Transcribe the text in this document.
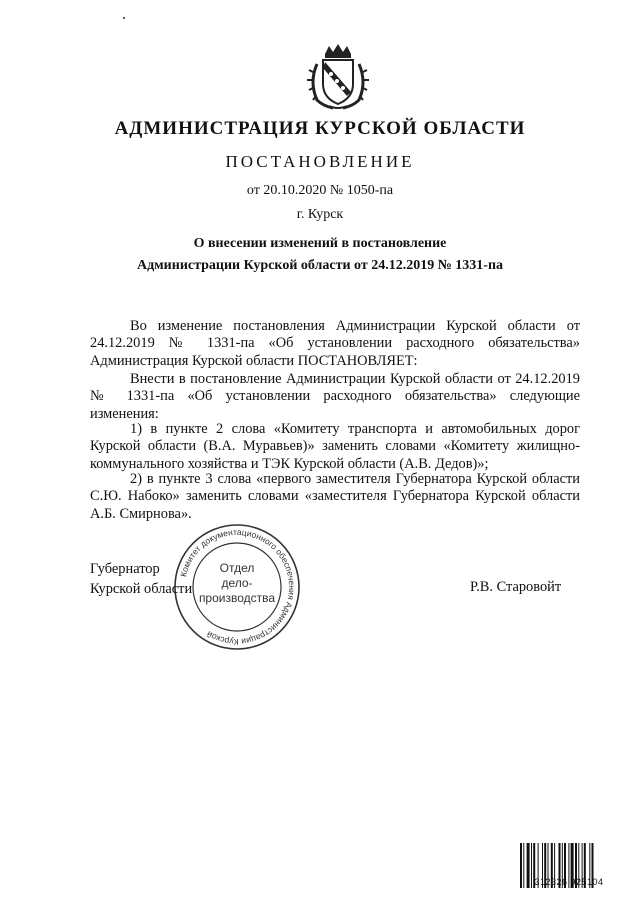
АДМИНИСТРАЦИЯ КУРСКОЙ ОБЛАСТИ
ПОСТАНОВЛЕНИЕ
от 20.10.2020 № 1050-па
г. Курск
О внесении изменений в постановление
Администрации Курской области от 24.12.2019 № 1331-па
Во изменение постановления Администрации Курской области от 24.12.2019 № 1331-па «Об установлении расходного обязательства» Администрация Курской области ПОСТАНОВЛЯЕТ:
Внести в постановление Администрации Курской области от 24.12.2019 № 1331-па «Об установлении расходного обязательства» следующие изменения:
1) в пункте 2 слова «Комитету транспорта и автомобильных дорог Курской области (В.А. Муравьев)» заменить словами «Комитету жилищно-коммунального хозяйства и ТЭК Курской области (А.В. Дедов)»;
2) в пункте 3 слова «первого заместителя Губернатора Курской области С.Ю. Набоко» заменить словами «заместителя Губернатора Курской области А.Б. Смирнова».
Комитет документационного обеспечения Администрации Курской
Отдел
дело-
производства
Губернатор
Курской области	Р.В. Старовойт
312326 925104
